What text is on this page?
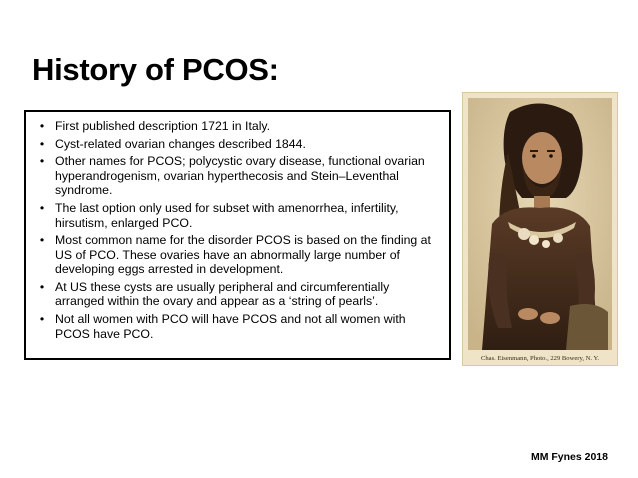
History of PCOS:
• First published description 1721 in Italy.
• Cyst-related ovarian changes described 1844.
• Other names for PCOS; polycystic ovary disease, functional ovarian hyperandrogenism, ovarian hyperthecosis and Stein–Leventhal syndrome.
• The last option only used for subset with amenorrhea, infertility, hirsutism, enlarged PCO.
• Most common name for the disorder PCOS is based on the finding at US of PCO. These ovaries have an abnormally large number of developing eggs arrested in development.
• At US these cysts are usually peripheral and circumferentially arranged within the ovary and appear as a ‘string of pearls’.
• Not all women with PCO will have PCOS and not all women with PCOS have PCO.
Chas. Eisenmann, Photo., 229 Bowery, N. Y.
MM Fynes 2018
